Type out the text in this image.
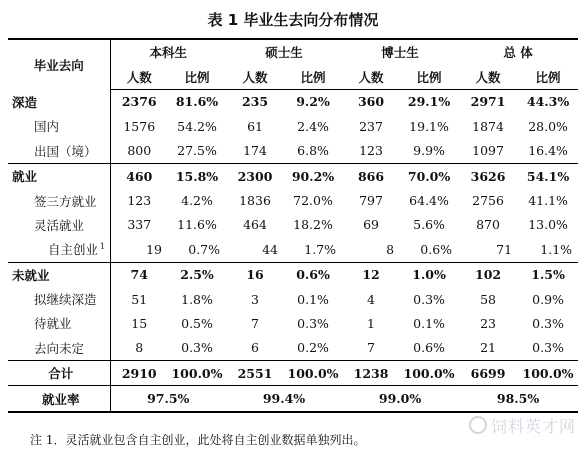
表 1 毕业生去向分布情况
毕业去向	本科生		硕士生		博士生		总 体	
	人数	比例	人数	比例	人数	比例	人数	比例
深造	2376	81.6%	235	9.2%	360	29.1%	2971	44.3%
国内	1576	54.2%	61	2.4%	237	19.1%	1874	28.0%
出国（境）	800	27.5%	174	6.8%	123	9.9%	1097	16.4%
就业	460	15.8%	2300	90.2%	866	70.0%	3626	54.1%
签三方就业	123	4.2%	1836	72.0%	797	64.4%	2756	41.1%
灵活就业	337	11.6%	464	18.2%	69	5.6%	870	13.0%
自主创业 $^1$	19	0.7%	44	1.7%	8	0.6%	71	1.1%
未就业	74	2.5%	16	0.6%	12	1.0%	102	1.5%
拟继续深造	51	1.8%	3	0.1%	4	0.3%	58	0.9%
待就业	15	0.5%	7	0.3%	1	0.1%	23	0.3%
去向未定	8	0.3%	6	0.2%	7	0.6%	21	0.3%
合计	2910	100.0%	2551	100.0%	1238	100.0%	6699	100.0%
就业率	97.5%		99.4%		99.0%		98.5%	
饲料英才网
注 1．灵活就业包含自主创业，此处将自主创业数据单独列出。
